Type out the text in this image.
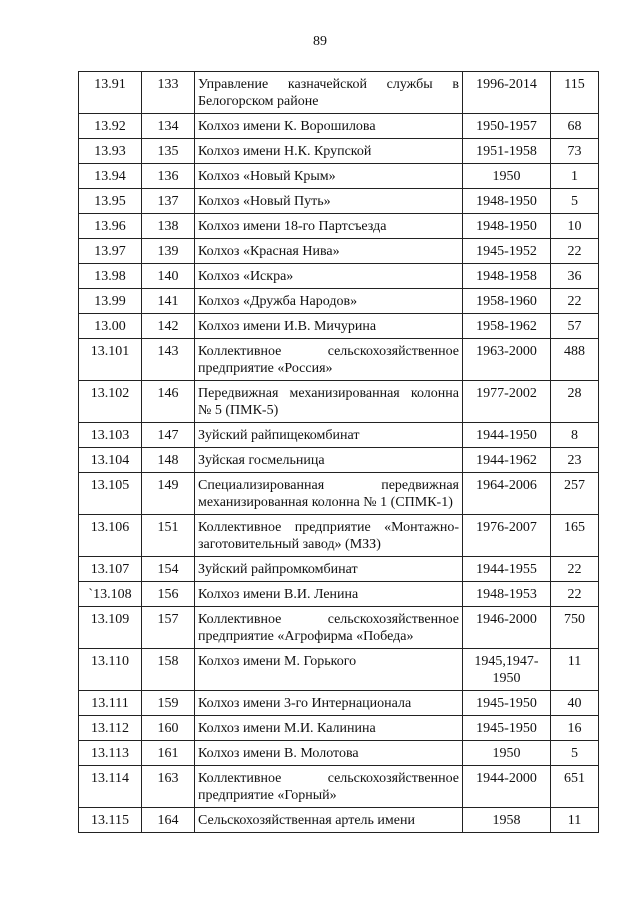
89
13.91	133	Управление казначейской службы в Белогорском районе	1996-2014	115
13.92	134	Колхоз имени К. Ворошилова	1950-1957	68
13.93	135	Колхоз имени Н.К. Крупской	1951-1958	73
13.94	136	Колхоз «Новый Крым»	1950	1
13.95	137	Колхоз «Новый Путь»	1948-1950	5
13.96	138	Колхоз имени 18-го Партсъезда	1948-1950	10
13.97	139	Колхоз «Красная Нива»	1945-1952	22
13.98	140	Колхоз «Искра»	1948-1958	36
13.99	141	Колхоз «Дружба Народов»	1958-1960	22
13.00	142	Колхоз имени И.В. Мичурина	1958-1962	57
13.101	143	Коллективное сельскохозяйственное предприятие «Россия»	1963-2000	488
13.102	146	Передвижная механизированная колонна № 5 (ПМК-5)	1977-2002	28
13.103	147	Зуйский райпищекомбинат	1944-1950	8
13.104	148	Зуйская госмельница	1944-1962	23
13.105	149	Специализированная передвижная механизированная колонна № 1 (СПМК-1)	1964-2006	257
13.106	151	Коллективное предприятие «Монтажно-заготовительный завод» (МЗЗ)	1976-2007	165
13.107	154	Зуйский райпромкомбинат	1944-1955	22
`13.108	156	Колхоз имени В.И. Ленина	1948-1953	22
13.109	157	Коллективное сельскохозяйственное предприятие «Агрофирма «Победа»	1946-2000	750
13.110	158	Колхоз имени М. Горького	1945,1947-1950	11
13.111	159	Колхоз имени 3-го Интернационала	1945-1950	40
13.112	160	Колхоз имени М.И. Калинина	1945-1950	16
13.113	161	Колхоз имени В. Молотова	1950	5
13.114	163	Коллективное сельскохозяйственное предприятие «Горный»	1944-2000	651
13.115	164	Сельскохозяйственная артель имени	1958	11
